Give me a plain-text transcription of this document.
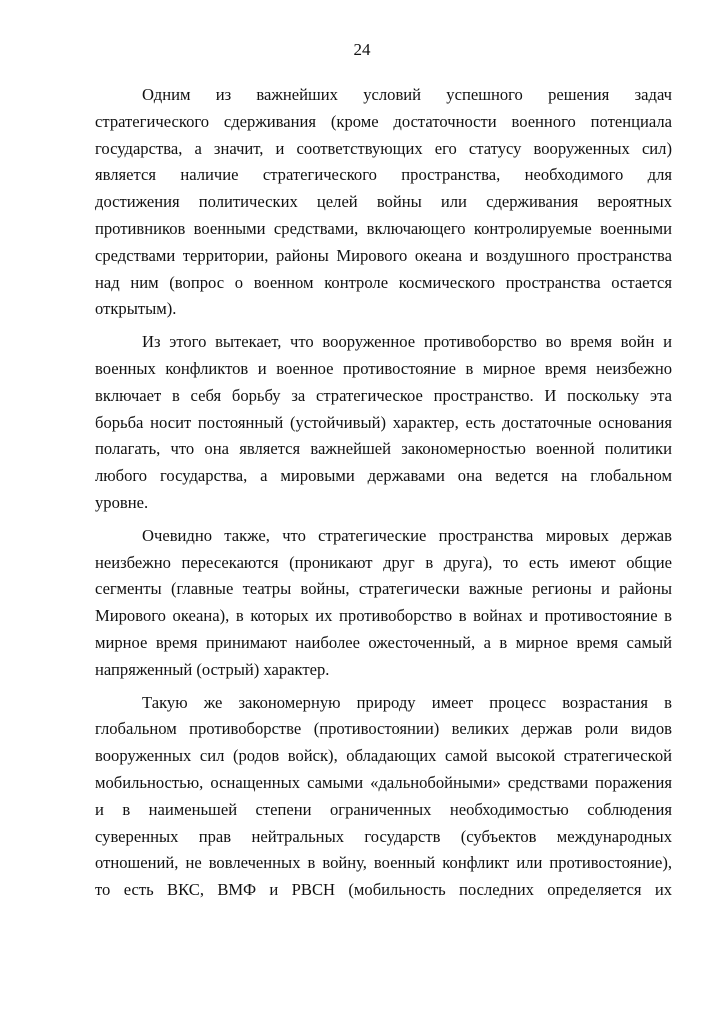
24

Одним из важнейших условий успешного решения задач
стратегического сдерживания (кроме достаточности военного потенциала
государства, а значит, и соответствующих его статусу вооруженных сил)
является наличие стратегического пространства, необходимого для
достижения политических целей войны или сдерживания вероятных
противников военными средствами, включающего контролируемые военными
средствами территории, районы Мирового океана и воздушного пространства
над ним (вопрос о военном контроле космического пространства остается
открытым).

Из этого вытекает, что вооруженное противоборство во время войн и
военных конфликтов и военное противостояние в мирное время неизбежно
включает в себя борьбу за стратегическое пространство. И поскольку эта
борьба носит постоянный (устойчивый) характер, есть достаточные основания
полагать, что она является важнейшей закономерностью военной политики
любого государства, а мировыми державами она ведется на глобальном
уровне.

Очевидно также, что стратегические пространства мировых держав
неизбежно пересекаются (проникают друг в друга), то есть имеют общие
сегменты (главные театры войны, стратегически важные регионы и районы
Мирового океана), в которых их противоборство в войнах и противостояние в
мирное время принимают наиболее ожесточенный, а в мирное время самый
напряженный (острый) характер.

Такую же закономерную природу имеет процесс возрастания в
глобальном противоборстве (противостоянии) великих держав роли видов
вооруженных сил (родов войск), обладающих самой высокой стратегической
мобильностью, оснащенных самыми «дальнобойными» средствами поражения
и в наименьшей степени ограниченных необходимостью соблюдения
суверенных прав нейтральных государств (субъектов международных
отношений, не вовлеченных в войну, военный конфликт или противостояние),
то есть ВКС, ВМФ и РВСН (мобильность последних определяется их
